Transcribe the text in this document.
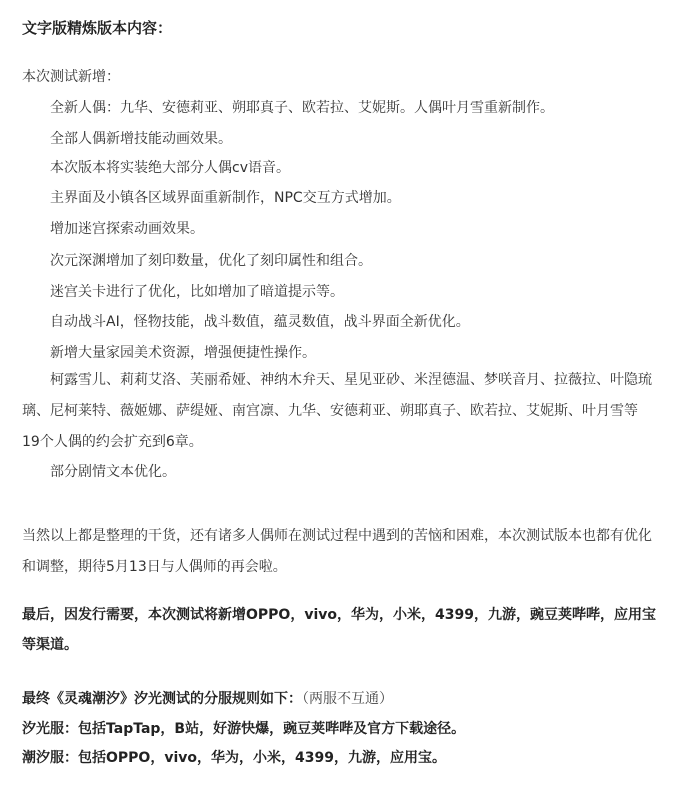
文字版精炼版本内容：
本次测试新增：
全新人偶：九华、安德莉亚、朔耶真子、欧若拉、艾妮斯。人偶叶月雪重新制作。
全部人偶新增技能动画效果。
本次版本将实装绝大部分人偶cv语音。
主界面及小镇各区域界面重新制作，NPC交互方式增加。
增加迷宫探索动画效果。
次元深渊增加了刻印数量，优化了刻印属性和组合。
迷宫关卡进行了优化，比如增加了暗道提示等。
自动战斗AI，怪物技能，战斗数值，蕴灵数值，战斗界面全新优化。
新增大量家园美术资源，增强便捷性操作。
柯露雪儿、莉莉艾洛、芙丽希娅、神纳木弁天、星见亚砂、米涅德温、梦咲音月、拉薇拉、叶隐琉璃、尼柯莱特、薇姬娜、萨缇娅、南宫凛、九华、安德莉亚、朔耶真子、欧若拉、艾妮斯、叶月雪等19个人偶的约会扩充到6章。
部分剧情文本优化。
当然以上都是整理的干货，还有诸多人偶师在测试过程中遇到的苦恼和困难，本次测试版本也都有优化和调整，期待5月13日与人偶师的再会啦。
最后，因发行需要，本次测试将新增OPPO，vivo，华为，小米，4399，九游，豌豆荚哔哔，应用宝等渠道。
最终《灵魂潮汐》汐光测试的分服规则如下：（两服不互通）
汐光服：包括TapTap，B站，好游快爆，豌豆荚哔哔及官方下载途径。
潮汐服：包括OPPO，vivo，华为，小米，4399，九游，应用宝。
